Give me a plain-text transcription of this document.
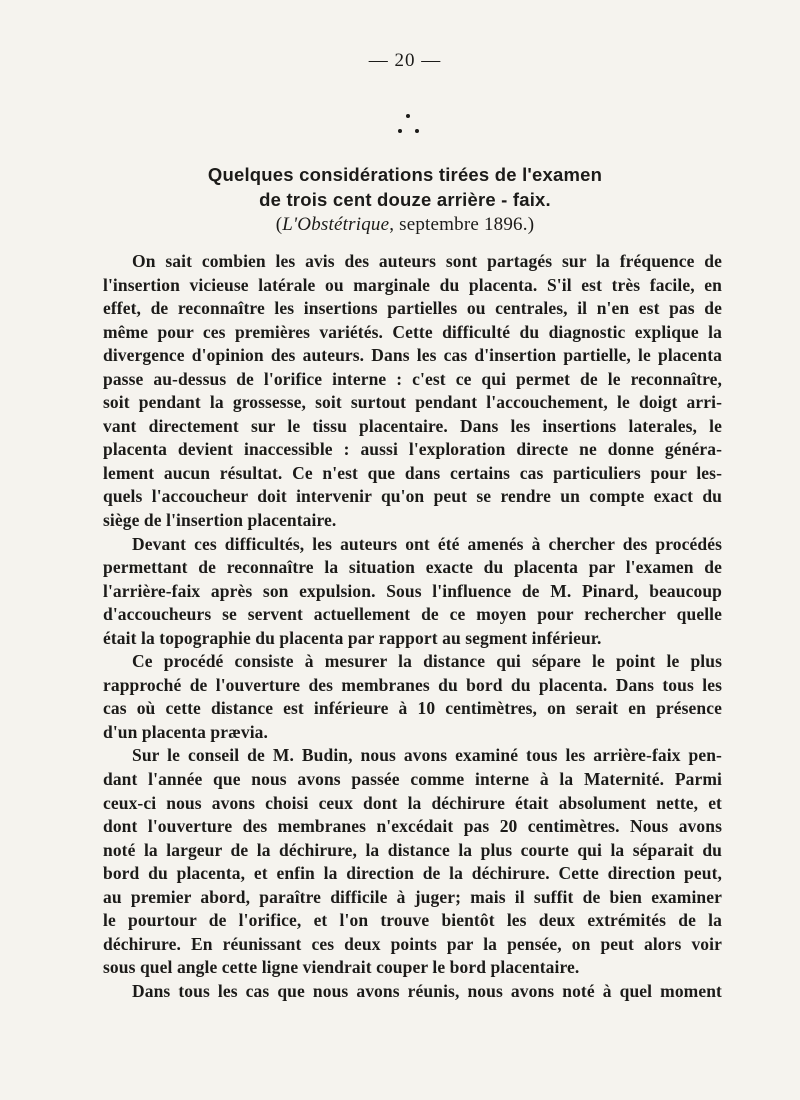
— 20 —
Quelques considérations tirées de l'examen
de trois cent douze arrière - faix.
(L'Obstétrique, septembre 1896.)
On sait combien les avis des auteurs sont partagés sur la fréquence de
l'insertion vicieuse latérale ou marginale du placenta. S'il est très facile, en
effet, de reconnaître les insertions partielles ou centrales, il n'en est pas de
même pour ces premières variétés. Cette difficulté du diagnostic explique la
divergence d'opinion des auteurs. Dans les cas d'insertion partielle, le placenta
passe au-dessus de l'orifice interne : c'est ce qui permet de le reconnaître,
soit pendant la grossesse, soit surtout pendant l'accouchement, le doigt arri-
vant directement sur le tissu placentaire. Dans les insertions laterales, le
placenta devient inaccessible : aussi l'exploration directe ne donne généra-
lement aucun résultat. Ce n'est que dans certains cas particuliers pour les-
quels l'accoucheur doit intervenir qu'on peut se rendre un compte exact du
siège de l'insertion placentaire.
Devant ces difficultés, les auteurs ont été amenés à chercher des procédés
permettant de reconnaître la situation exacte du placenta par l'examen de
l'arrière-faix après son expulsion. Sous l'influence de M. Pinard, beaucoup
d'accoucheurs se servent actuellement de ce moyen pour rechercher quelle
était la topographie du placenta par rapport au segment inférieur.
Ce procédé consiste à mesurer la distance qui sépare le point le plus
rapproché de l'ouverture des membranes du bord du placenta. Dans tous les
cas où cette distance est inférieure à 10 centimètres, on serait en présence
d'un placenta prævia.
Sur le conseil de M. Budin, nous avons examiné tous les arrière-faix pen-
dant l'année que nous avons passée comme interne à la Maternité. Parmi
ceux-ci nous avons choisi ceux dont la déchirure était absolument nette, et
dont l'ouverture des membranes n'excédait pas 20 centimètres. Nous avons
noté la largeur de la déchirure, la distance la plus courte qui la séparait du
bord du placenta, et enfin la direction de la déchirure. Cette direction peut,
au premier abord, paraître difficile à juger; mais il suffit de bien examiner
le pourtour de l'orifice, et l'on trouve bientôt les deux extrémités de la
déchirure. En réunissant ces deux points par la pensée, on peut alors voir
sous quel angle cette ligne viendrait couper le bord placentaire.
Dans tous les cas que nous avons réunis, nous avons noté à quel moment
